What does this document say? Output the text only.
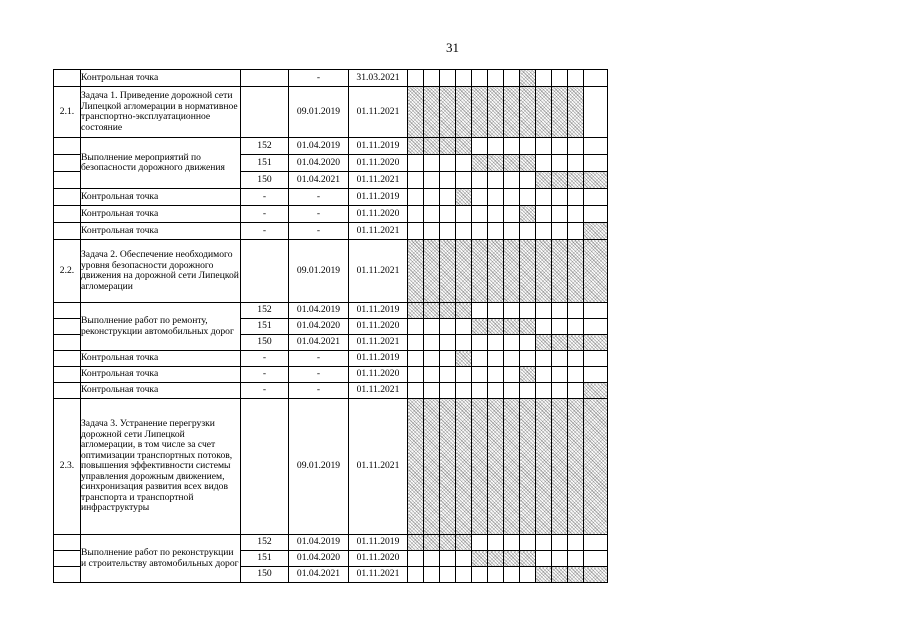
31
	Контрольная точка		-	31.03.2021												
2.1.	Задача 1. Приведение дорожной сети Липецкой агломерации в нормативное транспортно-эксплуатационное состояние		09.01.2019	01.11.2021												
	Выполнение мероприятий по безопасности дорожного движения	152	01.04.2019	01.11.2019												
		151	01.04.2020	01.11.2020												
		150	01.04.2021	01.11.2021												
	Контрольная точка	-	-	01.11.2019												
	Контрольная точка	-	-	01.11.2020												
	Контрольная точка	-	-	01.11.2021												
2.2.	Задача 2. Обеспечение необходимого уровня безопасности дорожного движения на дорожной сети Липецкой агломерации		09.01.2019	01.11.2021												
	Выполнение работ по ремонту, реконструкции автомобильных дорог	152	01.04.2019	01.11.2019												
		151	01.04.2020	01.11.2020												
		150	01.04.2021	01.11.2021												
	Контрольная точка	-	-	01.11.2019												
	Контрольная точка	-	-	01.11.2020												
	Контрольная точка	-	-	01.11.2021												
2.3.	Задача 3. Устранение перегрузки дорожной сети Липецкой агломерации, в том числе за счет оптимизации транспортных потоков, повышения эффективности системы управления дорожным движением, синхронизация развития всех видов транспорта и транспортной инфраструктуры		09.01.2019	01.11.2021												
	Выполнение работ по реконструкции и строительству автомобильных дорог	152	01.04.2019	01.11.2019												
		151	01.04.2020	01.11.2020												
		150	01.04.2021	01.11.2021												
